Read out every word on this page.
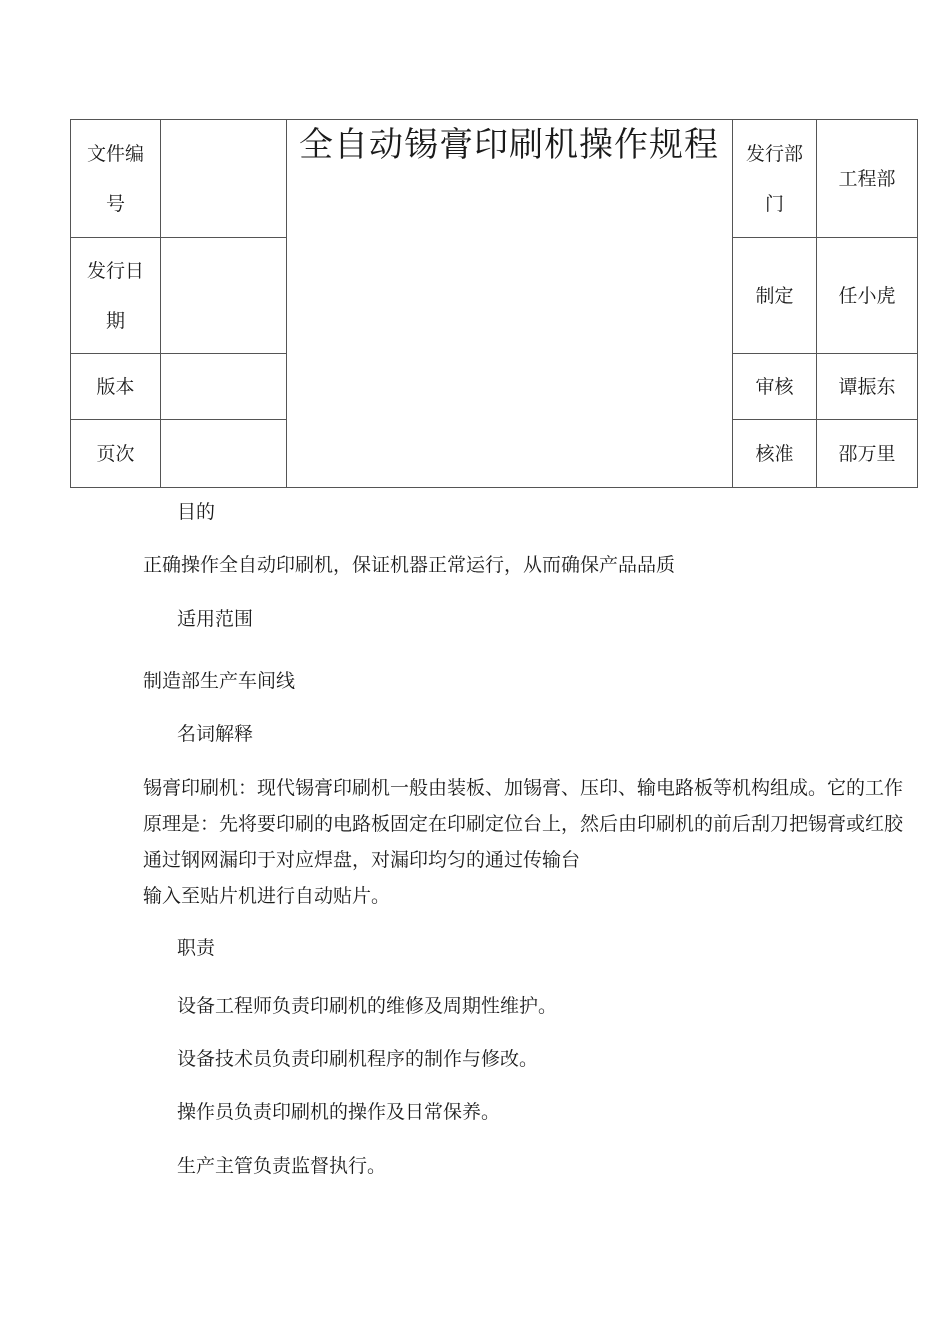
文件编
号
发行日
期
版本
页次
全自动锡膏印刷机操作规程	发行部
门
制定
审核
核准
工程部
任小虎
谭振东
邵万里

目的

正确操作全自动印刷机，保证机器正常运行，从而确保产品品质

适用范围

制造部生产车间线

名词解释

锡膏印刷机：现代锡膏印刷机一般由装板、加锡膏、压印、输电路板等机构组成。它的工作

原理是：先将要印刷的电路板固定在印刷定位台上，然后由印刷机的前后刮刀把锡膏或红胶

通过钢网漏印于对应焊盘，对漏印均匀的通过传输台

输入至贴片机进行自动贴片。

职责

设备工程师负责印刷机的维修及周期性维护。

设备技术员负责印刷机程序的制作与修改。

操作员负责印刷机的操作及日常保养。

生产主管负责监督执行。
